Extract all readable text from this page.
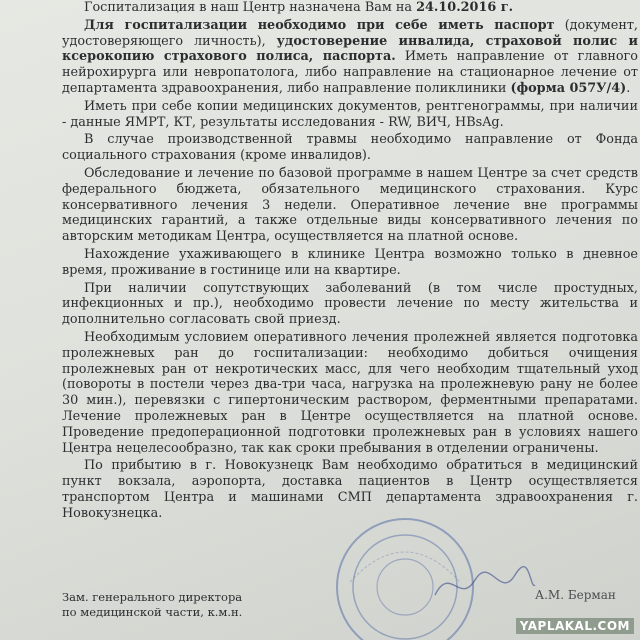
Госпитализация в наш Центр назначена Вам на 24.10.2016 г.

Для госпитализации необходимо при себе иметь паспорт (документ, удостоверяющего личность), удостоверение инвалида, страховой полис и ксерокопию страхового полиса, паспорта. Иметь направление от главного нейрохирурга или невропатолога, либо направление на стационарное лечение от департамента здравоохранения, либо направление поликлиники (форма 057У/4).

Иметь при себе копии медицинских документов, рентгенограммы, при наличии - данные ЯМРТ, КТ, результаты исследования - RW, ВИЧ, HBsAg.

В случае производственной травмы необходимо направление от Фонда социального страхования (кроме инвалидов).

Обследование и лечение по базовой программе в нашем Центре за счет средств федерального бюджета, обязательного медицинского страхования. Курс консервативного лечения 3 недели. Оперативное лечение вне программы медицинских гарантий, а также отдельные виды консервативного лечения по авторским методикам Центра, осуществляется на платной основе.

Нахождение ухаживающего в клинике Центра возможно только в дневное время, проживание в гостинице или на квартире.

При наличии сопутствующих заболеваний (в том числе простудных, инфекционных и пр.), необходимо провести лечение по месту жительства и дополнительно согласовать свой приезд.

Необходимым условием оперативного лечения пролежней является подготовка пролежневых ран до госпитализации: необходимо добиться очищения пролежневых ран от некротических масс, для чего необходим тщательный уход (повороты в постели через два-три часа, нагрузка на пролежневую рану не более 30 мин.), перевязки с гипертоническим раствором, ферментными препаратами. Лечение пролежневых ран в Центре осуществляется на платной основе. Проведение предоперационной подготовки пролежневых ран в условиях нашего Центра нецелесообразно, так как сроки пребывания в отделении ограничены.

По прибытию в г. Новокузнецк Вам необходимо обратиться в медицинский пункт вокзала, аэропорта, доставка пациентов в Центр осуществляется транспортом Центра и машинами СМП департамента здравоохранения г. Новокузнецка.

Зам. генерального директора
по медицинской части, к.м.н.
А.М. Берман
YAPLAKAL.COM
